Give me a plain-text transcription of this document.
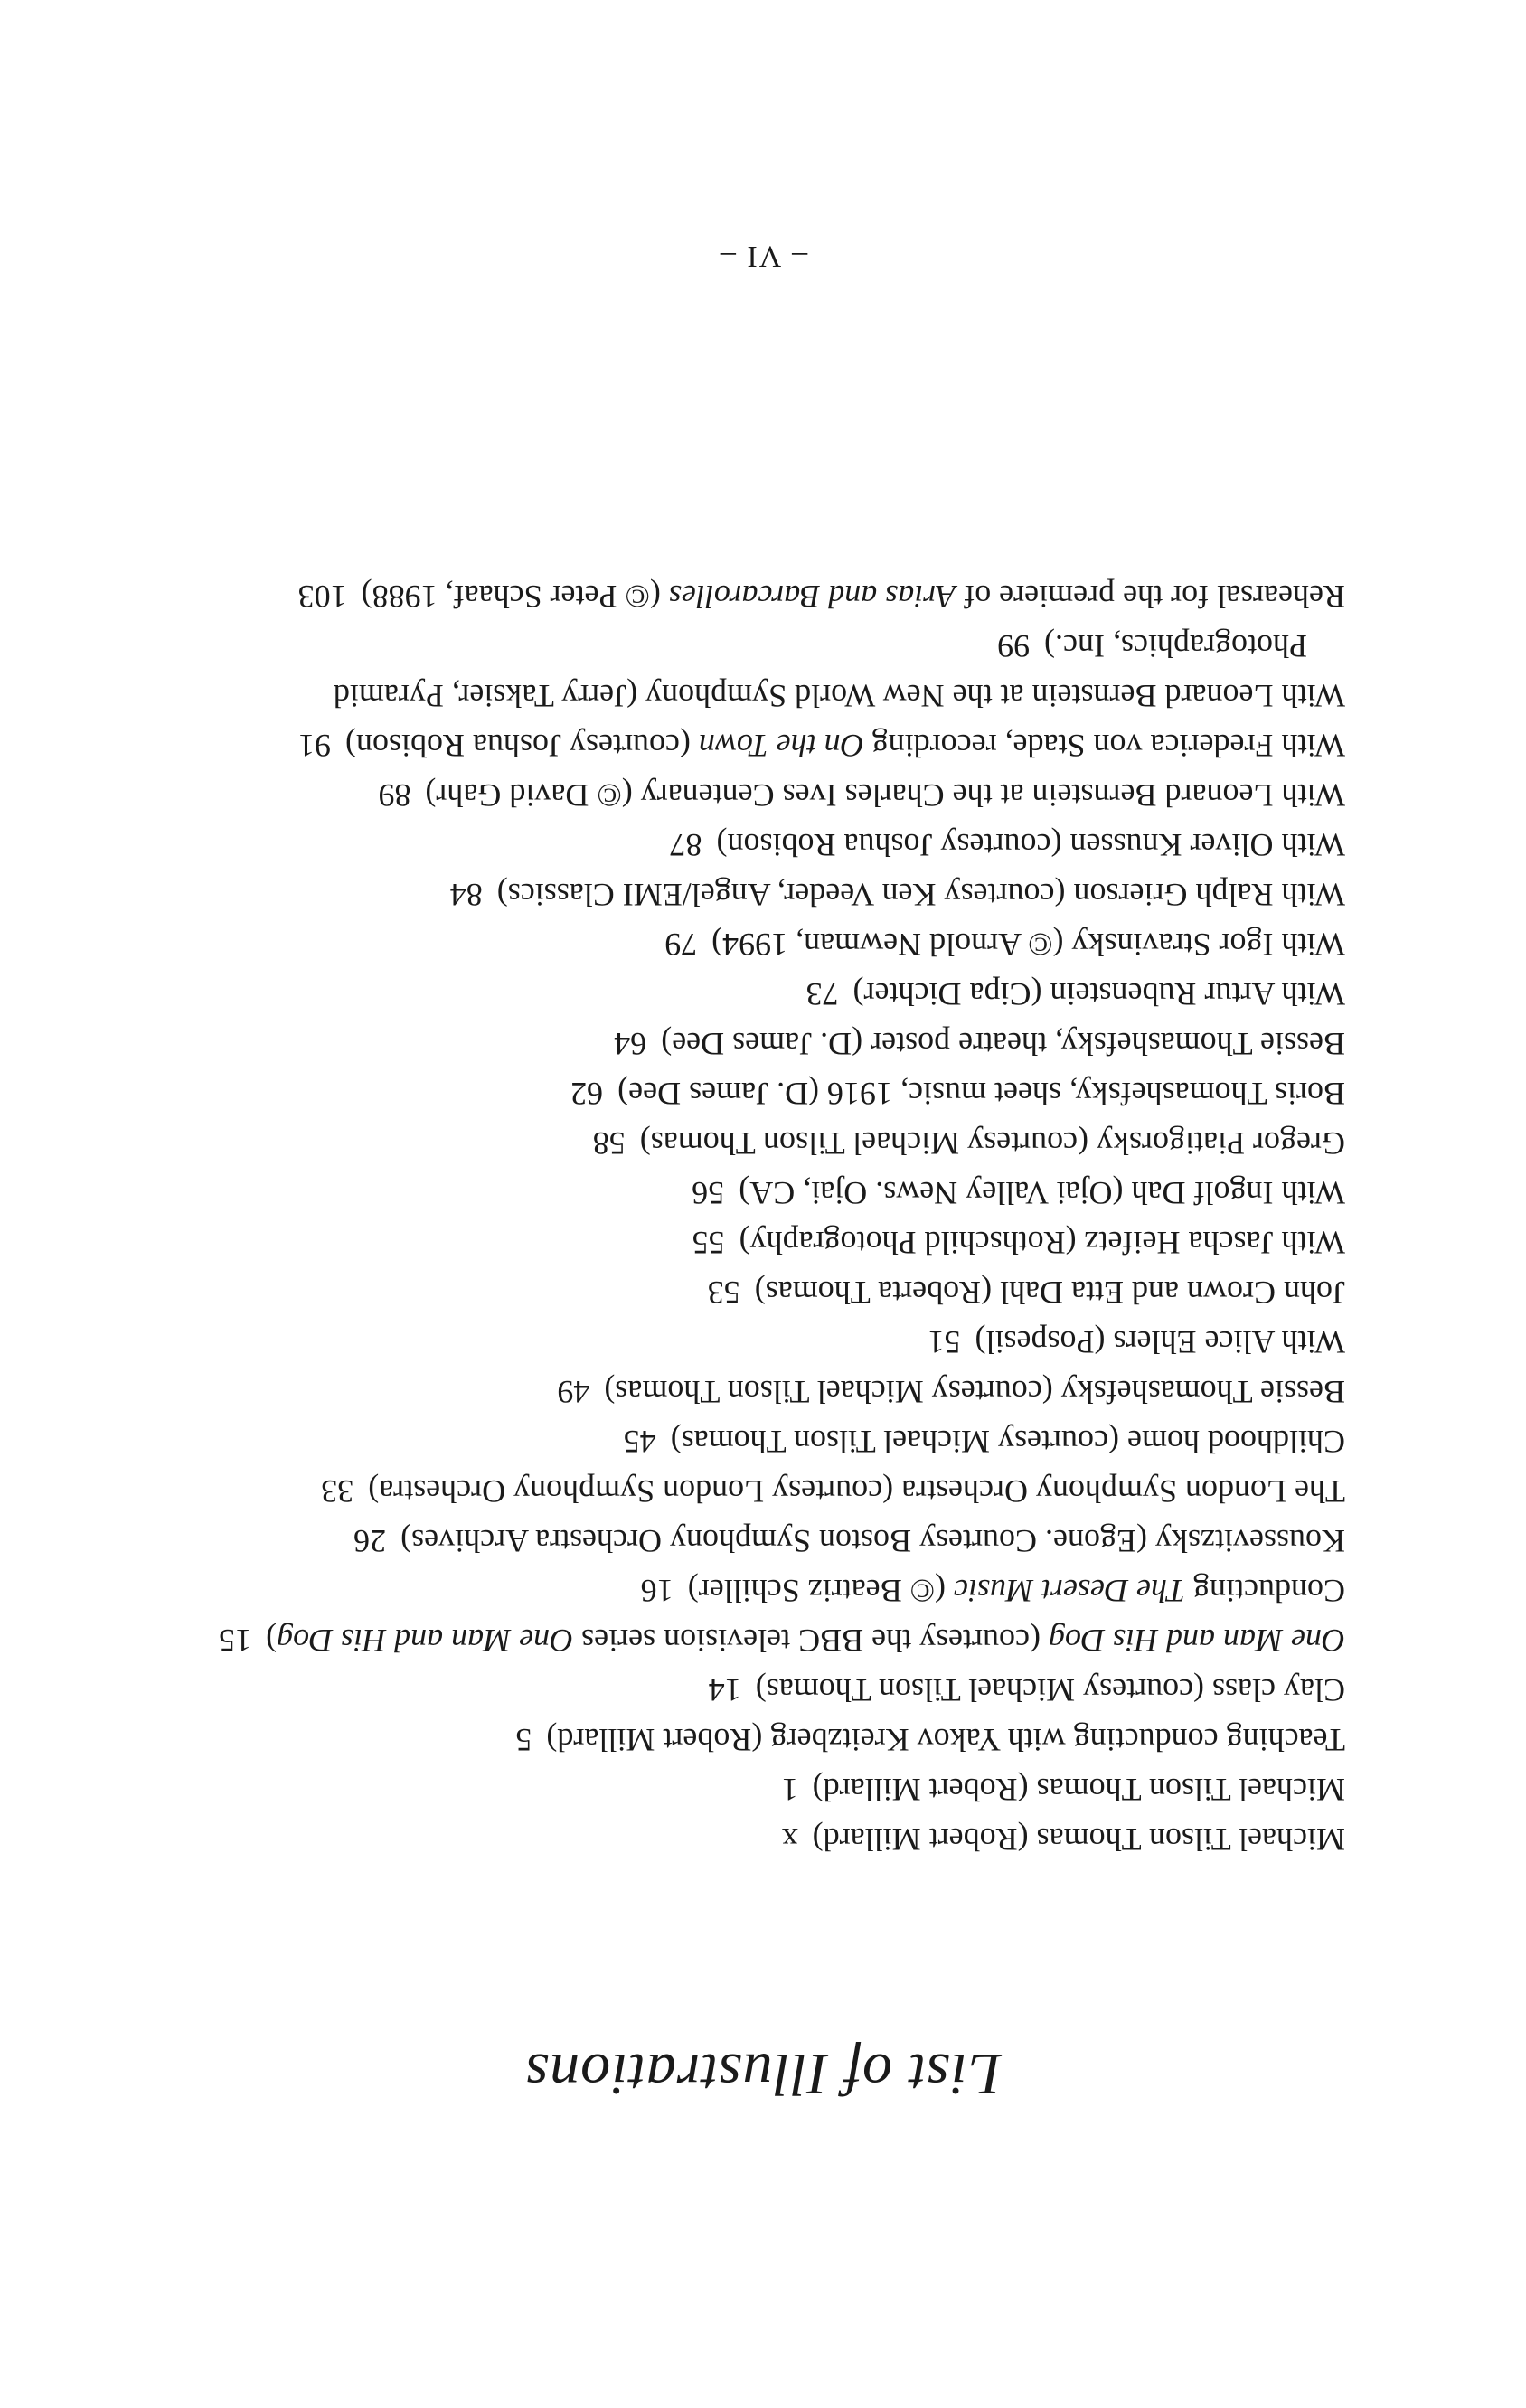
List of Illustrations
Michael Tilson Thomas (Robert Millard)x
Michael Tilson Thomas (Robert Millard)1
Teaching conducting with Yakov Kreitzberg (Robert Millard)5
Clay class (courtesy Michael Tilson Thomas)14
One Man and His Dog (courtesy the BBC television series One Man and His Dog)15
Conducting The Desert Music (© Beatriz Schiller)16
Koussevitzsky (Egone. Courtesy Boston Symphony Orchestra Archives)26
The London Symphony Orchestra (courtesy London Symphony Orchestra)33
Childhood home (courtesy Michael Tilson Thomas)45
Bessie Thomashefsky (courtesy Michael Tilson Thomas)49
With Alice Ehlers (Pospesil)51
John Crown and Etta Dahl (Roberta Thomas)53
With Jascha Heifetz (Rothschild Photography)55
With Ingolf Dah (Ojai Valley News. Ojai, CA)56
Gregor Piatigorsky (courtesy Michael Tilson Thomas)58
Boris Thomashefsky, sheet music, 1916 (D. James Dee)62
Bessie Thomashefsky, theatre poster (D. James Dee)64
With Artur Rubenstein (Cipa Dichter)73
With Igor Stravinsky (© Arnold Newman, 1994)79
With Ralph Grierson (courtesy Ken Veeder, Angel/EMI Classics)84
With Oliver Knussen (courtesy Joshua Robison)87
With Leonard Bernstein at the Charles Ives Centenary (© David Gahr)89
With Frederica von Stade, recording On the Town (courtesy Joshua Robison)91
With Leonard Bernstein at the New World Symphony (Jerry Taksier, Pyramid Photographics, Inc.)99
Rehearsal for the premiere of Arias and Barcarolles (© Peter Schaaf, 1988)103
– VI –
